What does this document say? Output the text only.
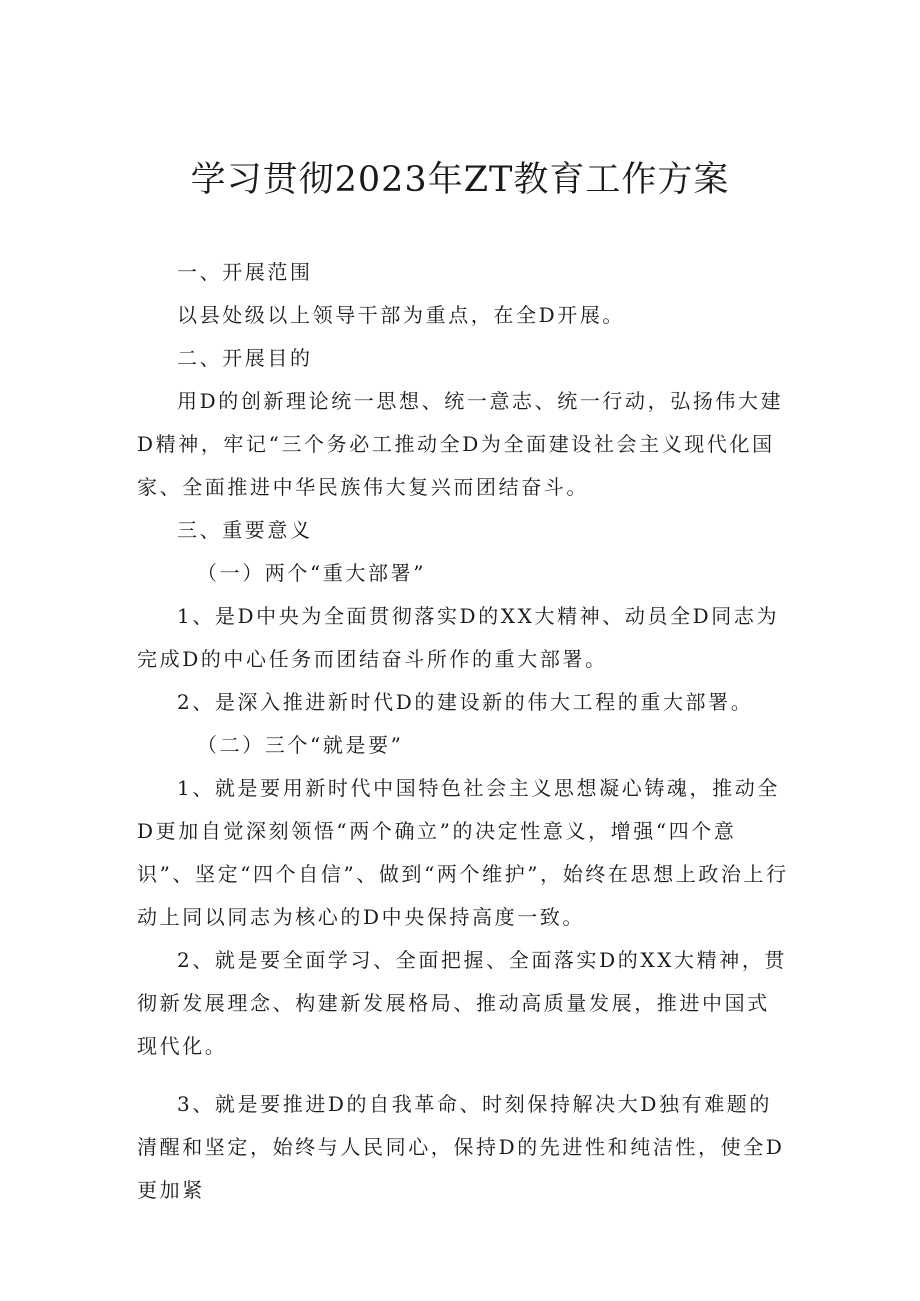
学习贯彻2023年ZT教育工作方案

一、开展范围

以县处级以上领导干部为重点，在全D开展。

二、开展目的

用D的创新理论统一思想、统一意志、统一行动，弘扬伟大建D精神，牢记“三个务必工推动全D为全面建设社会主义现代化国家、全面推进中华民族伟大复兴而团结奋斗。

三、重要意义

（一）两个“重大部署”

1、是D中央为全面贯彻落实D的XX大精神、动员全D同志为完成D的中心任务而团结奋斗所作的重大部署。

2、是深入推进新时代D的建设新的伟大工程的重大部署。

（二）三个“就是要”

1、就是要用新时代中国特色社会主义思想凝心铸魂，推动全D更加自觉深刻领悟“两个确立”的决定性意义，增强“四个意识”、坚定“四个自信”、做到“两个维护”，始终在思想上政治上行动上同以同志为核心的D中央保持高度一致。

2、就是要全面学习、全面把握、全面落实D的XX大精神，贯彻新发展理念、构建新发展格局、推动高质量发展，推进中国式现代化。

3、就是要推进D的自我革命、时刻保持解决大D独有难题的清醒和坚定，始终与人民同心，保持D的先进性和纯洁性，使全D更加紧
